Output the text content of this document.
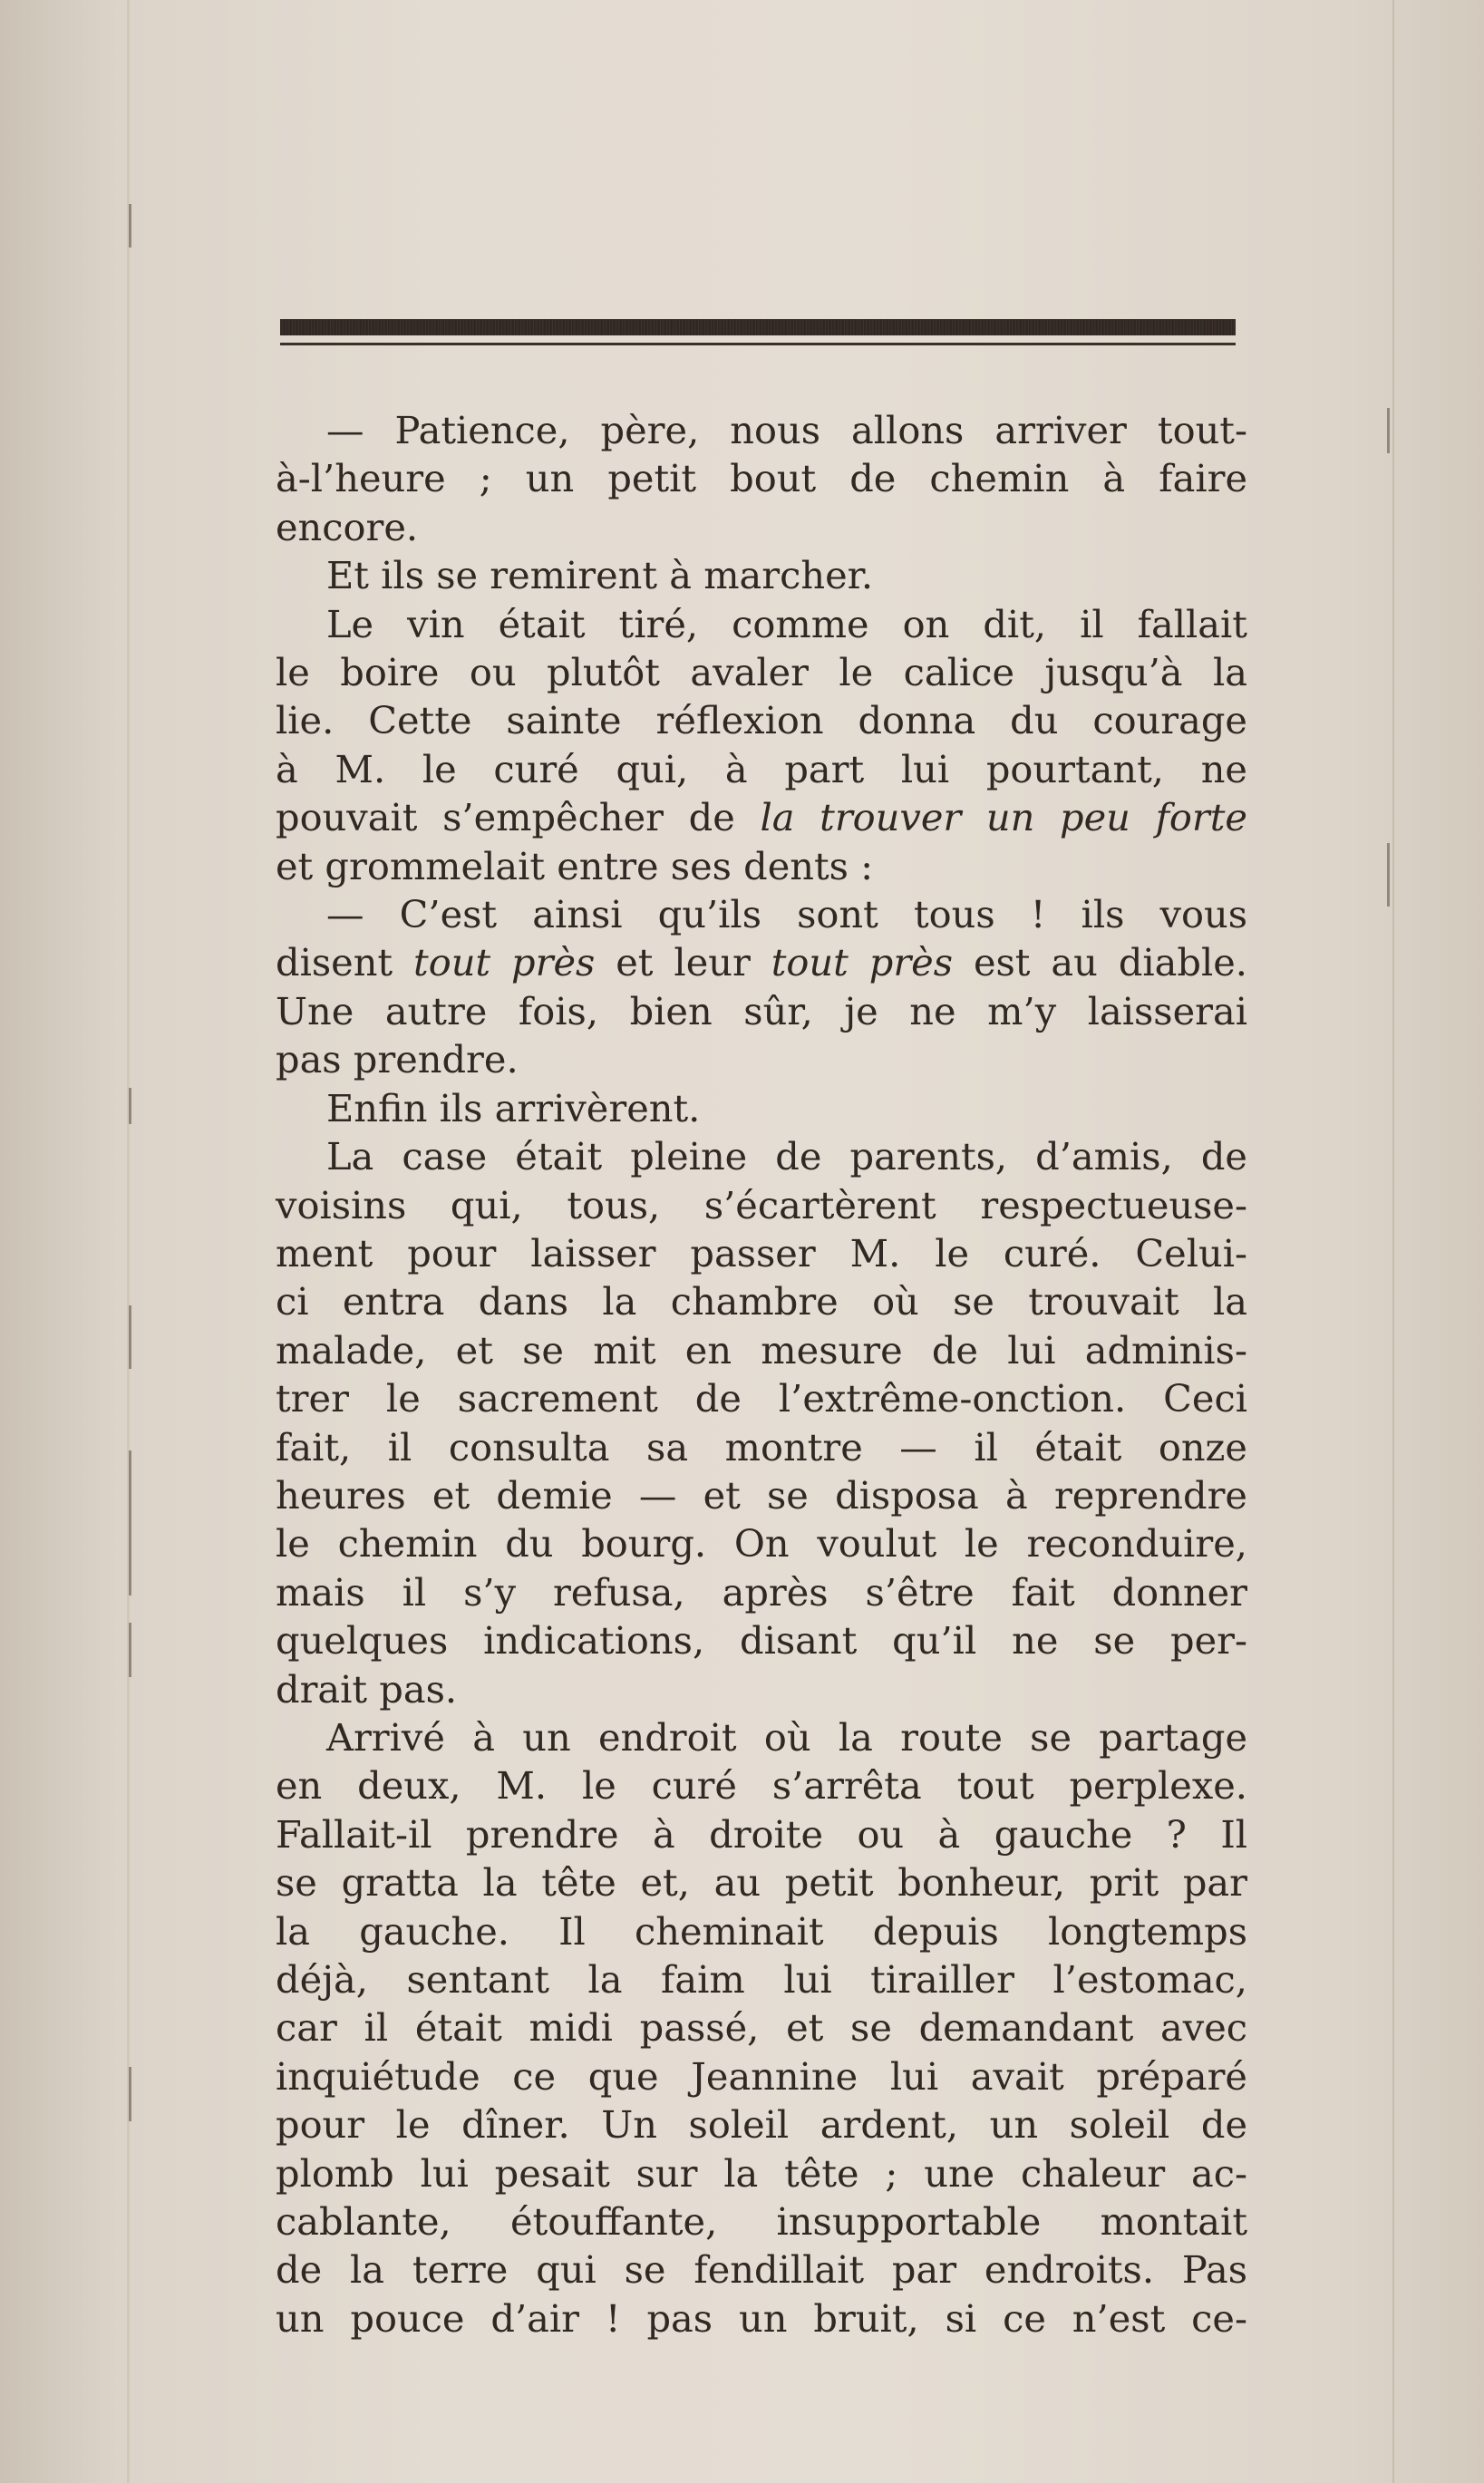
— Patience, père, nous allons arriver tout-
à-l’heure ; un petit bout de chemin à faire
encore.
Et ils se remirent à marcher.
Le vin était tiré, comme on dit, il fallait
le boire ou plutôt avaler le calice jusqu’à la
lie. Cette sainte réflexion donna du courage
à M. le curé qui, à part lui pourtant, ne
pouvait s’empêcher de la trouver un peu forte
et grommelait entre ses dents :
— C’est ainsi qu’ils sont tous ! ils vous
disent tout près et leur tout près est au diable.
Une autre fois, bien sûr, je ne m’y laisserai
pas prendre.
Enfin ils arrivèrent.
La case était pleine de parents, d’amis, de
voisins qui, tous, s’écartèrent respectueuse-
ment pour laisser passer M. le curé. Celui-
ci entra dans la chambre où se trouvait la
malade, et se mit en mesure de lui adminis-
trer le sacrement de l’extrême-onction. Ceci
fait, il consulta sa montre — il était onze
heures et demie — et se disposa à reprendre
le chemin du bourg. On voulut le reconduire,
mais il s’y refusa, après s’être fait donner
quelques indications, disant qu’il ne se per-
drait pas.
Arrivé à un endroit où la route se partage
en deux, M. le curé s’arrêta tout perplexe.
Fallait-il prendre à droite ou à gauche ? Il
se gratta la tête et, au petit bonheur, prit par
la gauche. Il cheminait depuis longtemps
déjà, sentant la faim lui tirailler l’estomac,
car il était midi passé, et se demandant avec
inquiétude ce que Jeannine lui avait préparé
pour le dîner. Un soleil ardent, un soleil de
plomb lui pesait sur la tête ; une chaleur ac-
cablante, étouffante, insupportable montait
de la terre qui se fendillait par endroits. Pas
un pouce d’air ! pas un bruit, si ce n’est ce-
